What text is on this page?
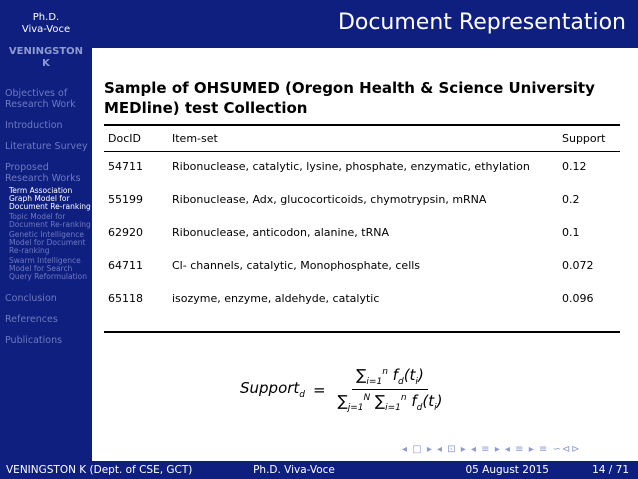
Ph.D.
Viva-Voce
VENINGSTON
K
Objectives of Research Work
Introduction
Literature Survey
Proposed Research Works
Term Association Graph Model for Document Re-ranking
Topic Model for Document Re-ranking
Genetic Intelligence Model for Document Re-ranking
Swarm Intelligence Model for Search Query Reformulation
Conclusion
References
Publications
Document Representation
Sample of OHSUMED (Oregon Health & Science University MEDline) test Collection
DocID	Item-set	Support
54711	Ribonuclease, catalytic, lysine, phosphate, enzymatic, ethylation	0.12
55199	Ribonuclease, Adx, glucocorticoids, chymotrypsin, mRNA	0.2
62920	Ribonuclease, anticodon, alanine, tRNA	0.1
64711	Cl- channels, catalytic, Monophosphate, cells	0.072
65118	isozyme, enzyme, aldehyde, catalytic	0.096
Support$_d$ = $\frac{\sum_{i=1}^n f_d(t_i)}{\sum_{j=1}^N \sum_{i=1}^n f_d(t_i)}$
◂ □ ▸ ◂ ⊡ ▸ ◂ ≡ ▸ ◂ ≡ ▸ ≡ ∽⊲⊳
VENINGSTON K (Dept. of CSE, GCT)	Ph.D. Viva-Voce	05 August 2015	14 / 71
